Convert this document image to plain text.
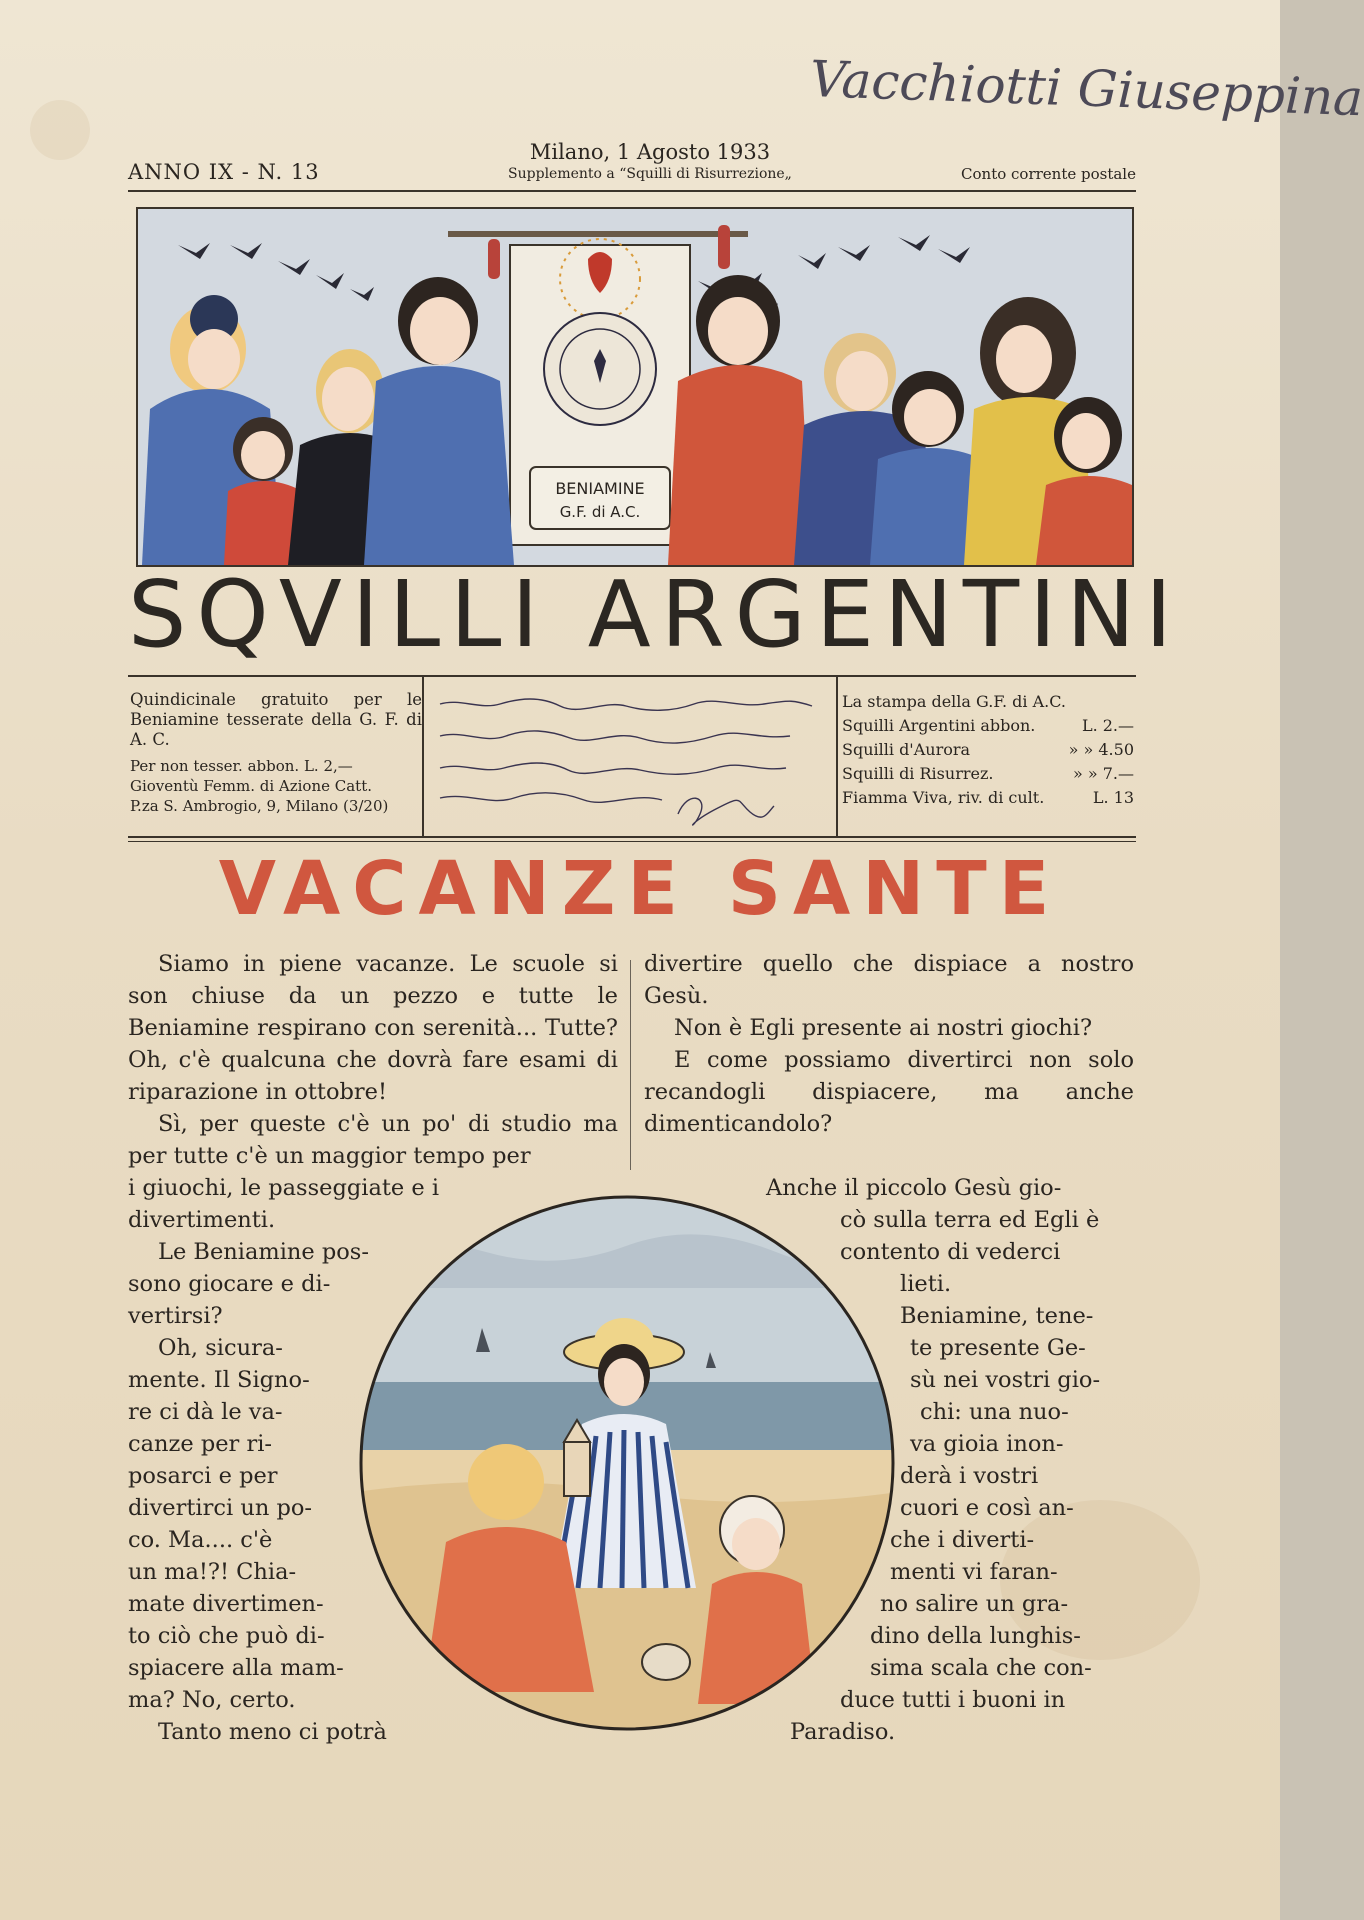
Vacchiotti Giuseppina
ANNO IX - N. 13
Milano, 1 Agosto 1933
Supplemento a “Squilli di Risurrezione„	Conto corrente postale
BENIAMINE
G.F. di A.C.
SQVILLI ARGENTINI
Quindicinale gratuito per le Beniamine tesserate della G. F. di A. C.
Per non tesser. abbon. L. 2,—
Gioventù Femm. di Azione Catt.
P.za S. Ambrogio, 9, Milano (3/20)
La stampa della G.F. di A.C.
Squilli Argentini abbon.	L. 2.—
Squilli d'Aurora	» » 4.50
Squilli di Risurrez.	» » 7.—
Fiamma Viva, riv. di cult.	L. 13
VACANZE SANTE

Siamo in piene vacanze. Le scuole si son chiuse da un pezzo e tutte le Beniamine respirano con serenità... Tutte? Oh, c'è qualcuna che dovrà fare esami di riparazione in ottobre!

Sì, per queste c'è un po' di studio ma per tutte c'è un maggior tempo per

divertire quello che dispiace a nostro Gesù.

Non è Egli presente ai nostri giochi?

E come possiamo divertirci non solo recandogli dispiacere, ma anche dimenticandolo?

i giuochi, le passeggiate e i

divertimenti.

Le Beniamine pos-

sono giocare e di-

vertirsi?

Oh, sicura-

mente. Il Signo-

re ci dà le va-

canze per ri-

posarci e per

divertirci un po-

co. Ma.... c'è

un ma!?! Chia-

mate divertimen-

to ciò che può di-

spiacere alla mam-

ma? No, certo.

Tanto meno ci potrà

Anche il piccolo Gesù gio-

cò sulla terra ed Egli è

contento di vederci

lieti.

Beniamine, tene-

te presente Ge-

sù nei vostri gio-

chi: una nuo-

va gioia inon-

derà i vostri

cuori e così an-

che i diverti-

menti vi faran-

no salire un gra-

dino della lunghis-

sima scala che con-

duce tutti i buoni in

Paradiso.
